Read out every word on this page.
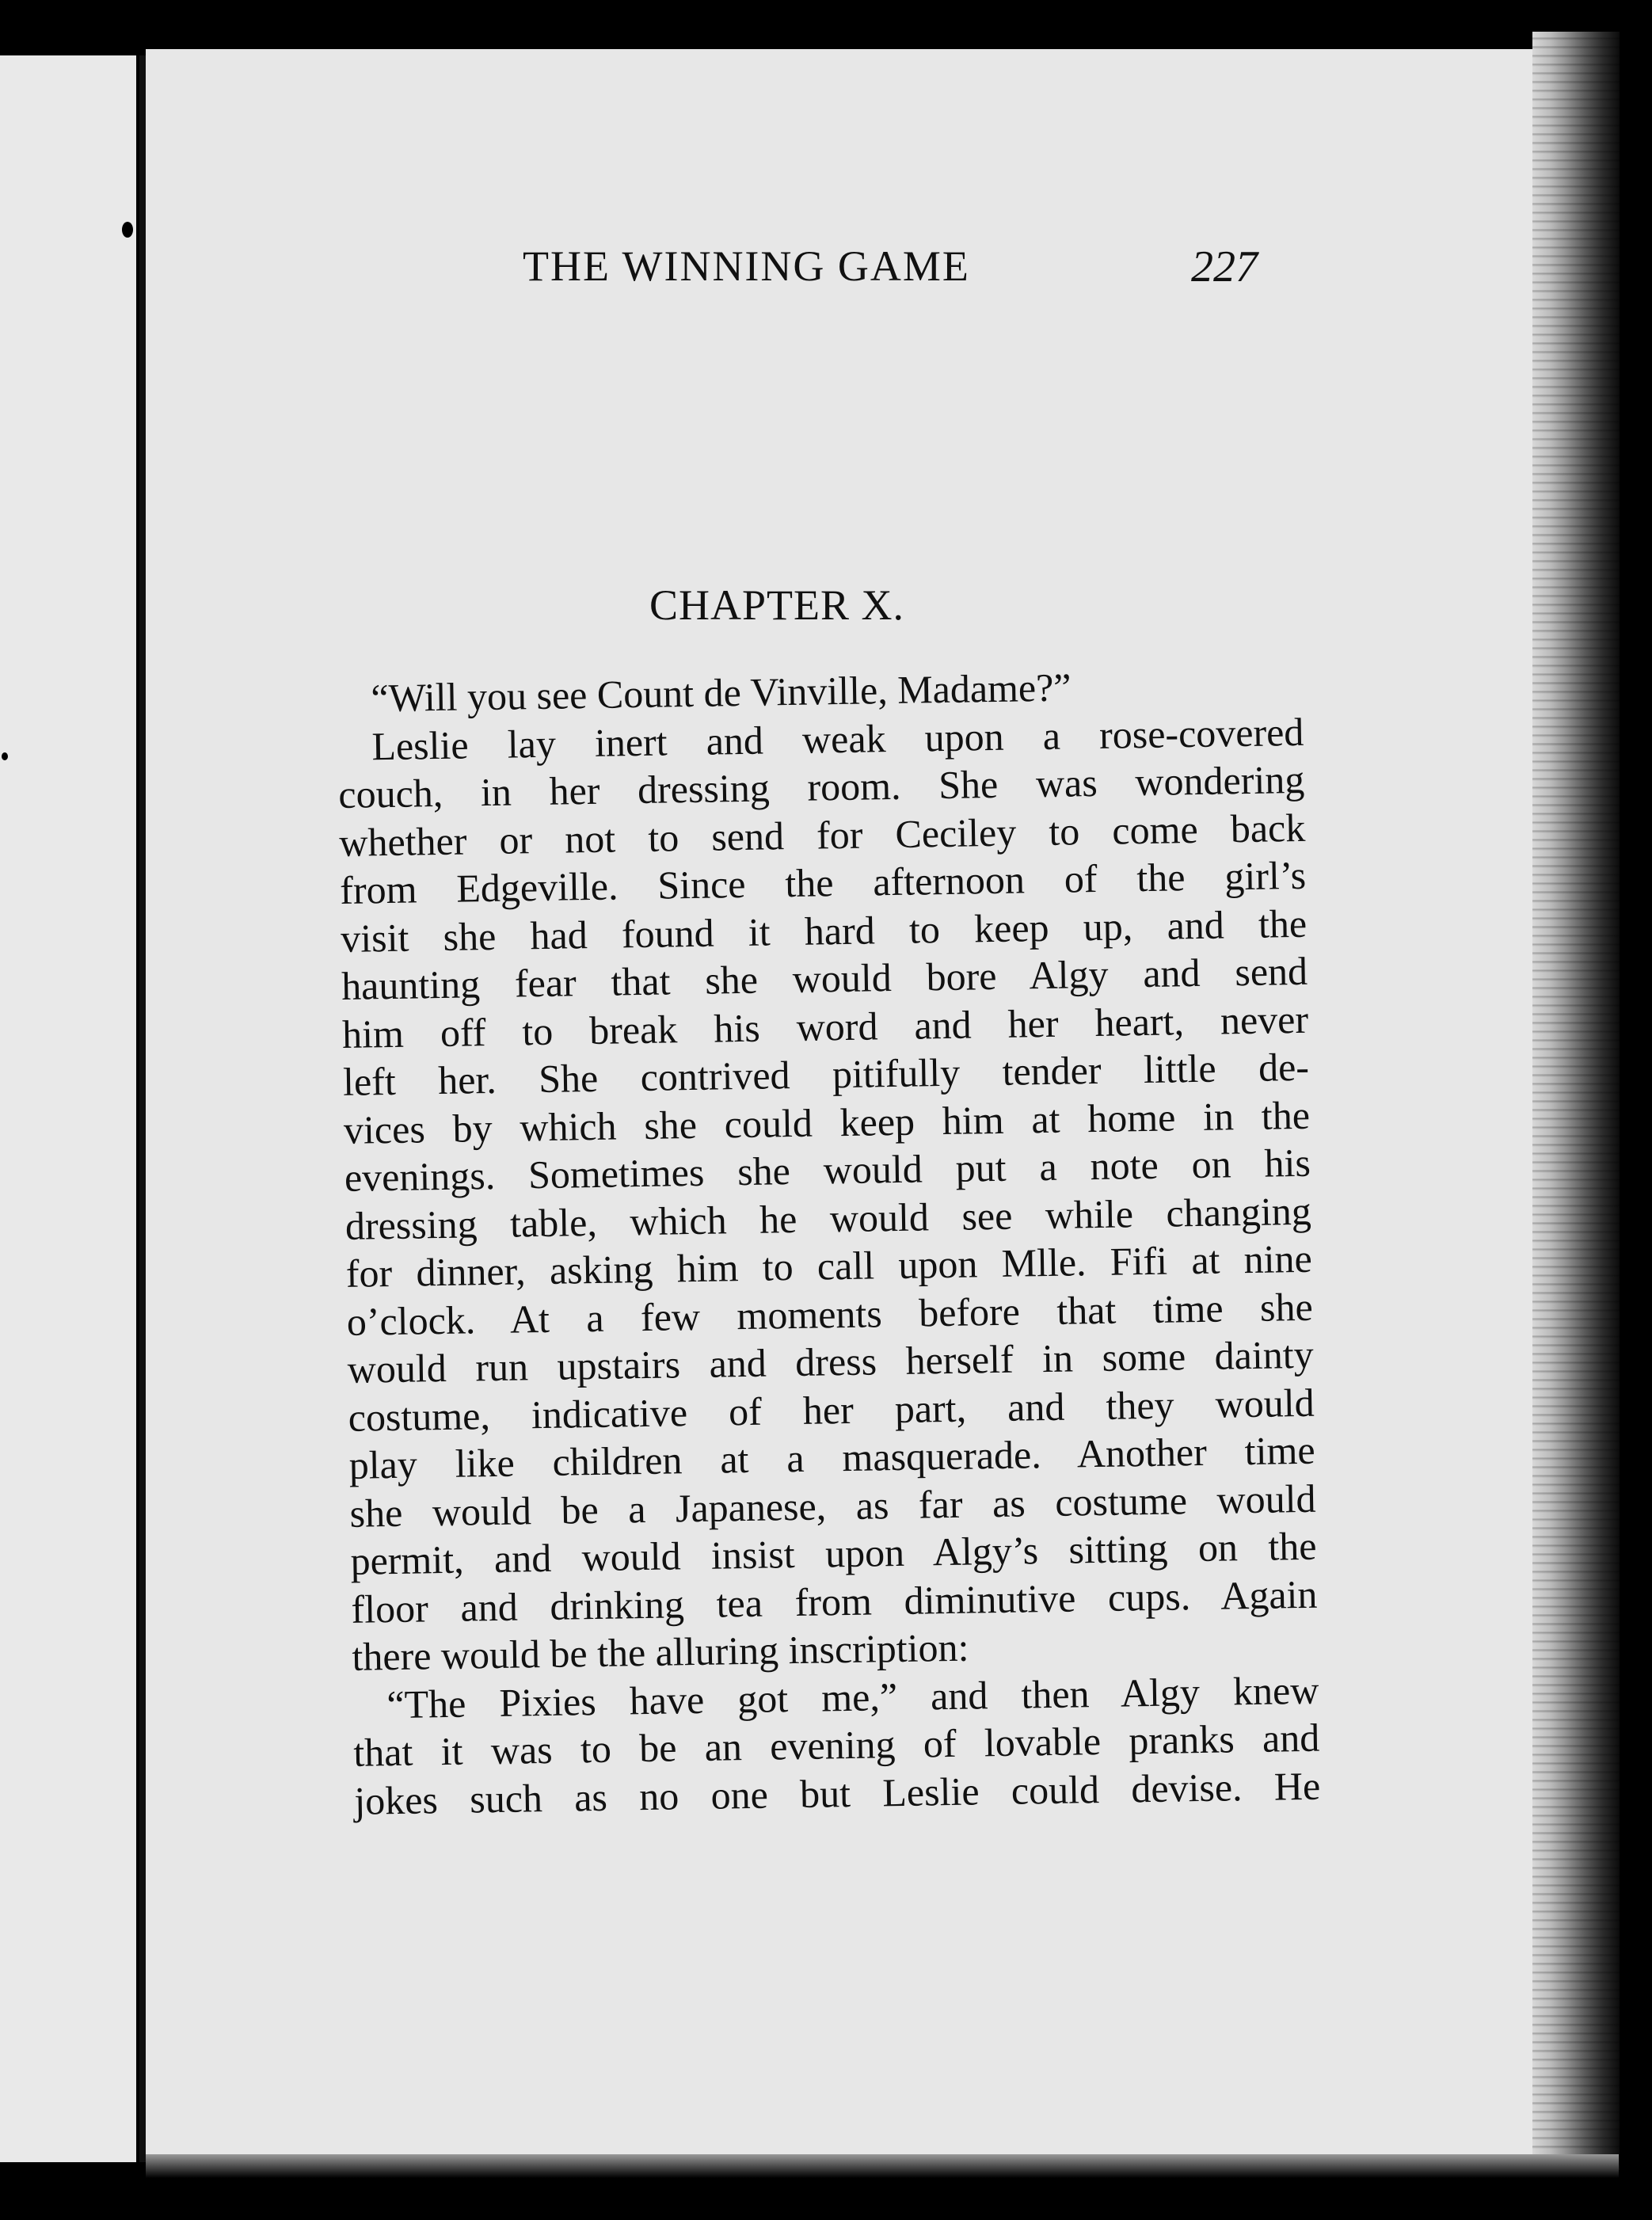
THE WINNING GAME	227
CHAPTER X.
“Will you see Count de Vinville, Madame?”
Leslie lay inert and weak upon a rose-covered
couch, in her dressing room. She was wondering
whether or not to send for Ceciley to come back
from Edgeville. Since the afternoon of the girl’s
visit she had found it hard to keep up, and the
haunting fear that she would bore Algy and send
him off to break his word and her heart, never
left her. She contrived pitifully tender little de-
vices by which she could keep him at home in the
evenings. Sometimes she would put a note on his
dressing table, which he would see while changing
for dinner, asking him to call upon Mlle. Fifi at nine
o’clock. At a few moments before that time she
would run upstairs and dress herself in some dainty
costume, indicative of her part, and they would
play like children at a masquerade. Another time
she would be a Japanese, as far as costume would
permit, and would insist upon Algy’s sitting on the
floor and drinking tea from diminutive cups. Again
there would be the alluring inscription:
“The Pixies have got me,” and then Algy knew
that it was to be an evening of lovable pranks and
jokes such as no one but Leslie could devise. He
